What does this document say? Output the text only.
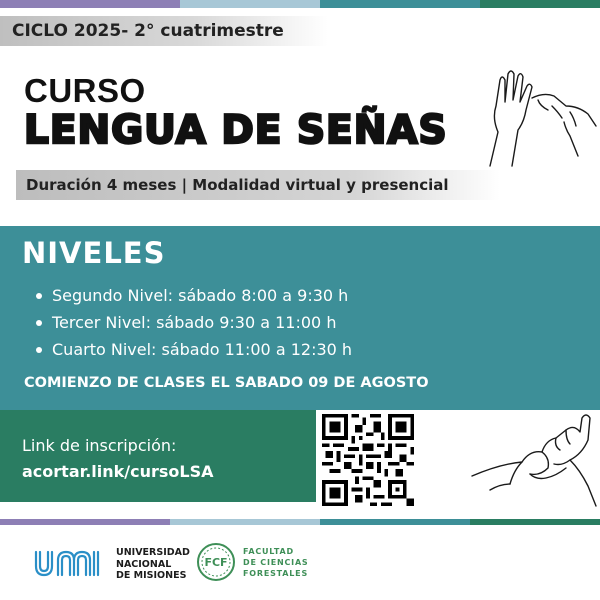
CICLO 2025- 2° cuatrimestre
CURSO
LENGUA DE SEÑAS
Duración 4 meses | Modalidad virtual y presencial
NIVELES
Segundo Nivel: sábado 8:00 a 9:30 h
Tercer Nivel: sábado 9:30 a 11:00 h
Cuarto Nivel: sábado 11:00 a 12:30 h
COMIENZO DE CLASES EL SABADO 09 DE AGOSTO
Link de inscripción:
acortar.link/cursoLSA
UNIVERSIDAD
NACIONAL
DE MISIONES
FCF
FACULTAD
DE CIENCIAS
FORESTALES
